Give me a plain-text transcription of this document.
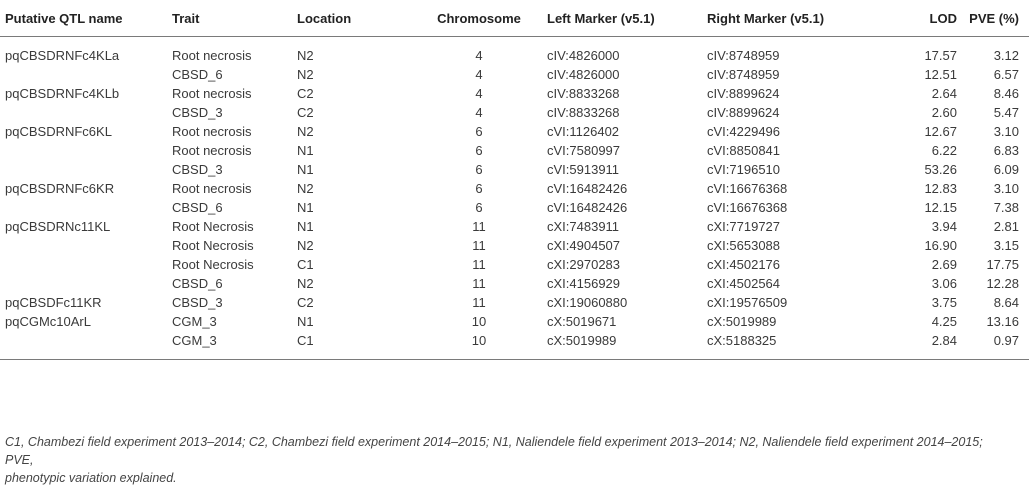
Putative QTL name	Trait	Location	Chromosome	Left Marker (v5.1)	Right Marker (v5.1)	LOD	PVE (%)
pqCBSDRNFc4KLa	Root necrosis	N2	4	cIV:4826000	cIV:8748959	17.57	3.12
	CBSD_6	N2	4	cIV:4826000	cIV:8748959	12.51	6.57
pqCBSDRNFc4KLb	Root necrosis	C2	4	cIV:8833268	cIV:8899624	2.64	8.46
	CBSD_3	C2	4	cIV:8833268	cIV:8899624	2.60	5.47
pqCBSDRNFc6KL	Root necrosis	N2	6	cVI:1126402	cVI:4229496	12.67	3.10
	Root necrosis	N1	6	cVI:7580997	cVI:8850841	6.22	6.83
	CBSD_3	N1	6	cVI:5913911	cVI:7196510	53.26	6.09
pqCBSDRNFc6KR	Root necrosis	N2	6	cVI:16482426	cVI:16676368	12.83	3.10
	CBSD_6	N1	6	cVI:16482426	cVI:16676368	12.15	7.38
pqCBSDRNc11KL	Root Necrosis	N1	11	cXI:7483911	cXI:7719727	3.94	2.81
	Root Necrosis	N2	11	cXI:4904507	cXI:5653088	16.90	3.15
	Root Necrosis	C1	11	cXI:2970283	cXI:4502176	2.69	17.75
	CBSD_6	N2	11	cXI:4156929	cXI:4502564	3.06	12.28
pqCBSDFc11KR	CBSD_3	C2	11	cXI:19060880	cXI:19576509	3.75	8.64
pqCGMc10ArL	CGM_3	N1	10	cX:5019671	cX:5019989	4.25	13.16
	CGM_3	C1	10	cX:5019989	cX:5188325	2.84	0.97
C1, Chambezi field experiment 2013–2014; C2, Chambezi field experiment 2014–2015; N1, Naliendele field experiment 2013–2014; N2, Naliendele field experiment 2014–2015; PVE,
phenotypic variation explained.
